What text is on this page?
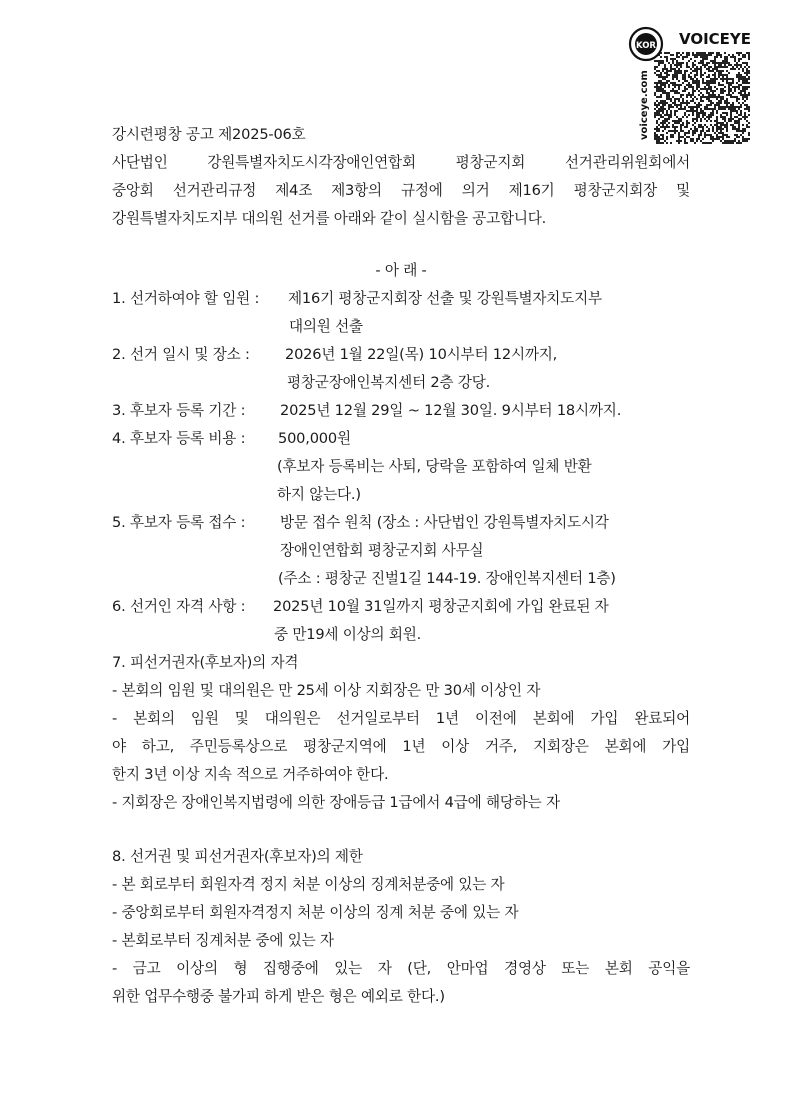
KOR VOICEYE
voiceye.com
강시련평창 공고 제2025-06호
사단법인 강원특별자치도시각장애인연합회 평창군지회 선거관리위원회에서
중앙회 선거관리규정 제4조 제3항의 규정에 의거 제16기 평창군지회장 및
강원특별자치도지부 대의원 선거를 아래와 같이 실시함을 공고합니다.
- 아 래 -
1. 선거하여야 할 임원 : 제16기 평창군지회장 선출 및 강원특별자치도지부
대의원 선출
2. 선거 일시 및 장소 : 2026년 1월 22일(목) 10시부터 12시까지,
평창군장애인복지센터 2층 강당.
3. 후보자 등록 기간 : 2025년 12월 29일 ~ 12월 30일. 9시부터 18시까지.
4. 후보자 등록 비용 : 500,000원
(후보자 등록비는 사퇴, 당락을 포함하여 일체 반환
하지 않는다.)
5. 후보자 등록 접수 : 방문 접수 원칙 (장소 : 사단법인 강원특별자치도시각
장애인연합회 평창군지회 사무실
(주소 : 평창군 진벌1길 144-19. 장애인복지센터 1층)
6. 선거인 자격 사항 : 2025년 10월 31일까지 평창군지회에 가입 완료된 자
중 만19세 이상의 회원.
7. 피선거권자(후보자)의 자격
- 본회의 임원 및 대의원은 만 25세 이상 지회장은 만 30세 이상인 자
- 본회의 임원 및 대의원은 선거일로부터 1년 이전에 본회에 가입 완료되어
야 하고, 주민등록상으로 평창군지역에 1년 이상 거주, 지회장은 본회에 가입
한지 3년 이상 지속 적으로 거주하여야 한다.
- 지회장은 장애인복지법령에 의한 장애등급 1급에서 4급에 해당하는 자
8. 선거권 및 피선거권자(후보자)의 제한
- 본 회로부터 회원자격 정지 처분 이상의 징계처분중에 있는 자
- 중앙회로부터 회원자격정지 처분 이상의 징계 처분 중에 있는 자
- 본회로부터 징계처분 중에 있는 자
- 금고 이상의 형 집행중에 있는 자 (단, 안마업 경영상 또는 본회 공익을
위한 업무수행중 불가피 하게 받은 형은 예외로 한다.)
